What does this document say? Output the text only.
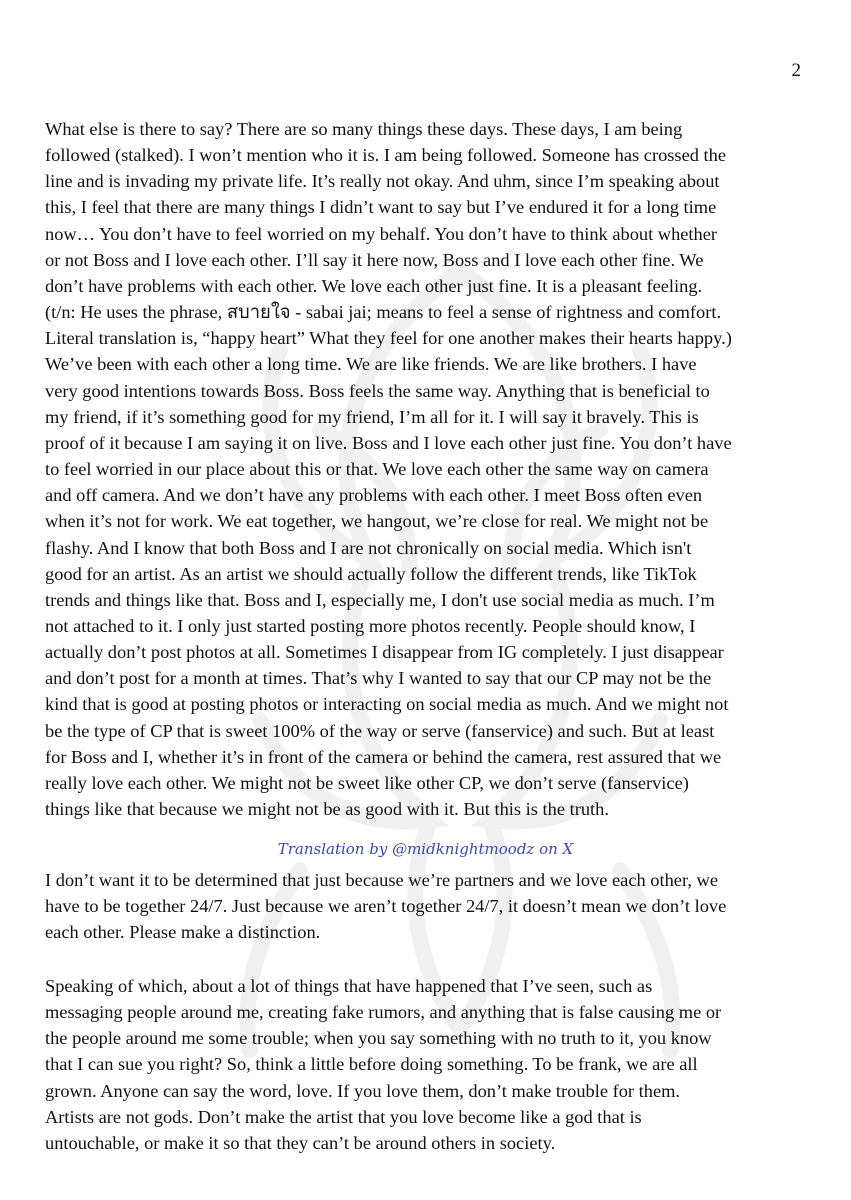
2
What else is there to say? There are so many things these days. These days, I am being
followed (stalked). I won’t mention who it is. I am being followed. Someone has crossed the
line and is invading my private life. It’s really not okay. And uhm, since I’m speaking about
this, I feel that there are many things I didn’t want to say but I’ve endured it for a long time
now… You don’t have to feel worried on my behalf. You don’t have to think about whether
or not Boss and I love each other. I’ll say it here now, Boss and I love each other fine. We
don’t have problems with each other. We love each other just fine. It is a pleasant feeling.
(t/n: He uses the phrase, สบายใจ - sabai jai; means to feel a sense of rightness and comfort.
Literal translation is, “happy heart” What they feel for one another makes their hearts happy.)
We’ve been with each other a long time. We are like friends. We are like brothers. I have
very good intentions towards Boss. Boss feels the same way. Anything that is beneficial to
my friend, if it’s something good for my friend, I’m all for it. I will say it bravely. This is
proof of it because I am saying it on live. Boss and I love each other just fine. You don’t have
to feel worried in our place about this or that. We love each other the same way on camera
and off camera. And we don’t have any problems with each other. I meet Boss often even
when it’s not for work. We eat together, we hangout, we’re close for real. We might not be
flashy. And I know that both Boss and I are not chronically on social media. Which isn't
good for an artist. As an artist we should actually follow the different trends, like TikTok
trends and things like that. Boss and I, especially me, I don't use social media as much. I’m
not attached to it. I only just started posting more photos recently. People should know, I
actually don’t post photos at all. Sometimes I disappear from IG completely. I just disappear
and don’t post for a month at times. That’s why I wanted to say that our CP may not be the
kind that is good at posting photos or interacting on social media as much. And we might not
be the type of CP that is sweet 100% of the way or serve (fanservice) and such. But at least
for Boss and I, whether it’s in front of the camera or behind the camera, rest assured that we
really love each other. We might not be sweet like other CP, we don’t serve (fanservice)
things like that because we might not be as good with it. But this is the truth.
Translation by @midknightmoodz on X
I don’t want it to be determined that just because we’re partners and we love each other, we
have to be together 24/7. Just because we aren’t together 24/7, it doesn’t mean we don’t love
each other. Please make a distinction.
Speaking of which, about a lot of things that have happened that I’ve seen, such as
messaging people around me, creating fake rumors, and anything that is false causing me or
the people around me some trouble; when you say something with no truth to it, you know
that I can sue you right? So, think a little before doing something. To be frank, we are all
grown. Anyone can say the word, love. If you love them, don’t make trouble for them.
Artists are not gods. Don’t make the artist that you love become like a god that is
untouchable, or make it so that they can’t be around others in society.
